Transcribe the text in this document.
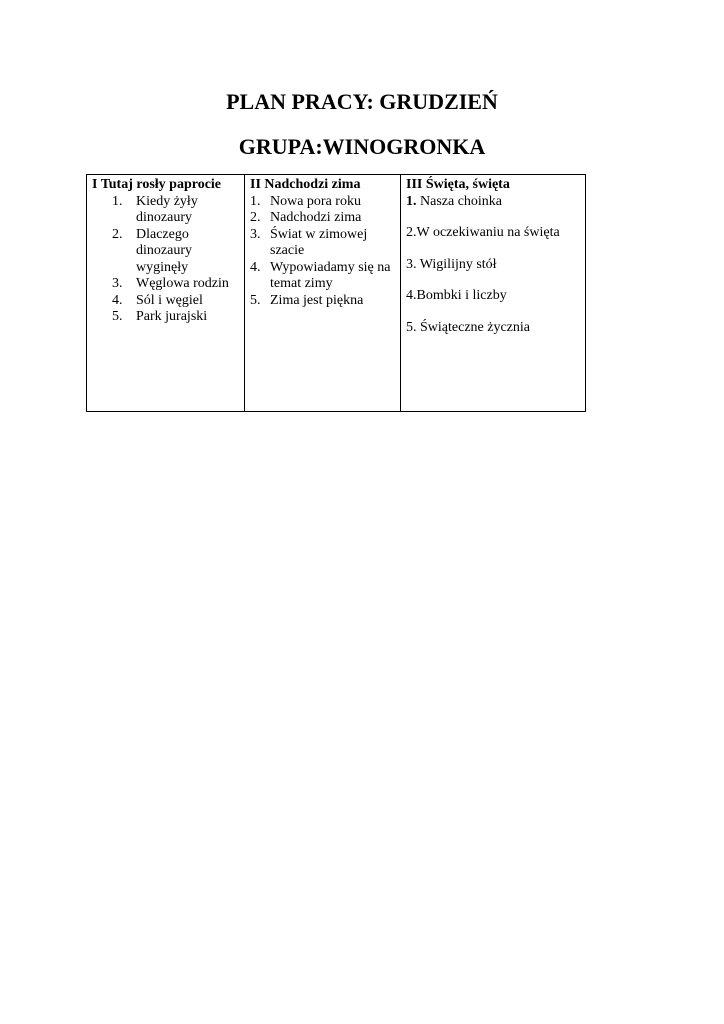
PLAN PRACY: GRUDZIEŃ
GRUPA:WINOGRONKA
I Tutaj rosły paprocie
1. Kiedy żyły dinozaury
2. Dlaczego dinozaury wyginęły
3. Węglowa rodzin
4. Sól i węgiel
5. Park jurajski

II Nadchodzi zima
1. Nowa pora roku
2. Nadchodzi zima
3. Świat w zimowej szacie
4. Wypowiadamy się na temat zimy
5. Zima jest piękna

III Święta, święta
1. Nasza choinka
2.W oczekiwaniu na święta
3. Wigilijny stół
4.Bombki i liczby
5. Świąteczne życznia
